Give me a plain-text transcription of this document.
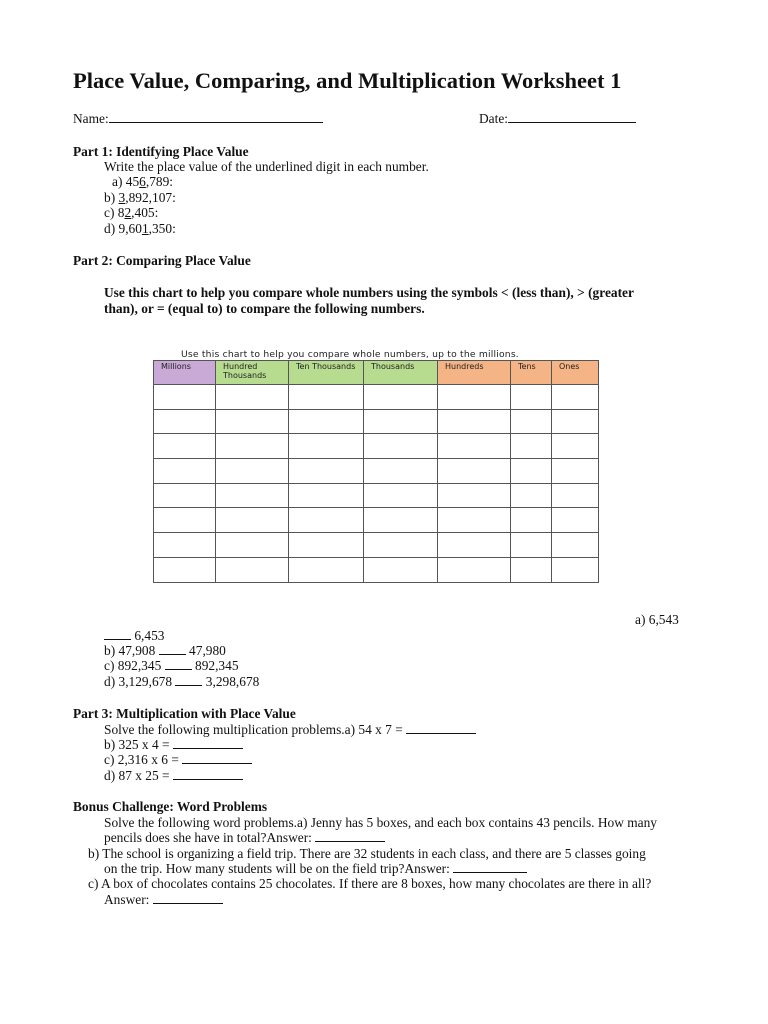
Place Value, Comparing, and Multiplication Worksheet 1
Name:	Date:
Part 1: Identifying Place Value
Write the place value of the underlined digit in each number.
a) 456,789:
b) 3,892,107:
c) 82,405:
d) 9,601,350:
Part 2: Comparing Place Value
Use this chart to help you compare whole numbers using the symbols < (less than), > (greater
than), or = (equal to) to compare the following numbers.
Use this chart to help you compare whole numbers, up to the millions.
Millions	Hundred Thousands	Ten Thousands	Thousands	Hundreds	Tens	Ones

a) 6,543
6,453
b) 47,908	47,980
c) 892,345	892,345
d) 3,129,678	3,298,678
Part 3: Multiplication with Place Value
Solve the following multiplication problems.a) 54 x 7 =
b) 325 x 4 =
c) 2,316 x 6 =
d) 87 x 25 =
Bonus Challenge: Word Problems
Solve the following word problems.a) Jenny has 5 boxes, and each box contains 43 pencils. How many
pencils does she have in total?Answer:
b) The school is organizing a field trip. There are 32 students in each class, and there are 5 classes going
on the trip. How many students will be on the field trip?Answer:
c) A box of chocolates contains 25 chocolates. If there are 8 boxes, how many chocolates are there in all?
Answer:
